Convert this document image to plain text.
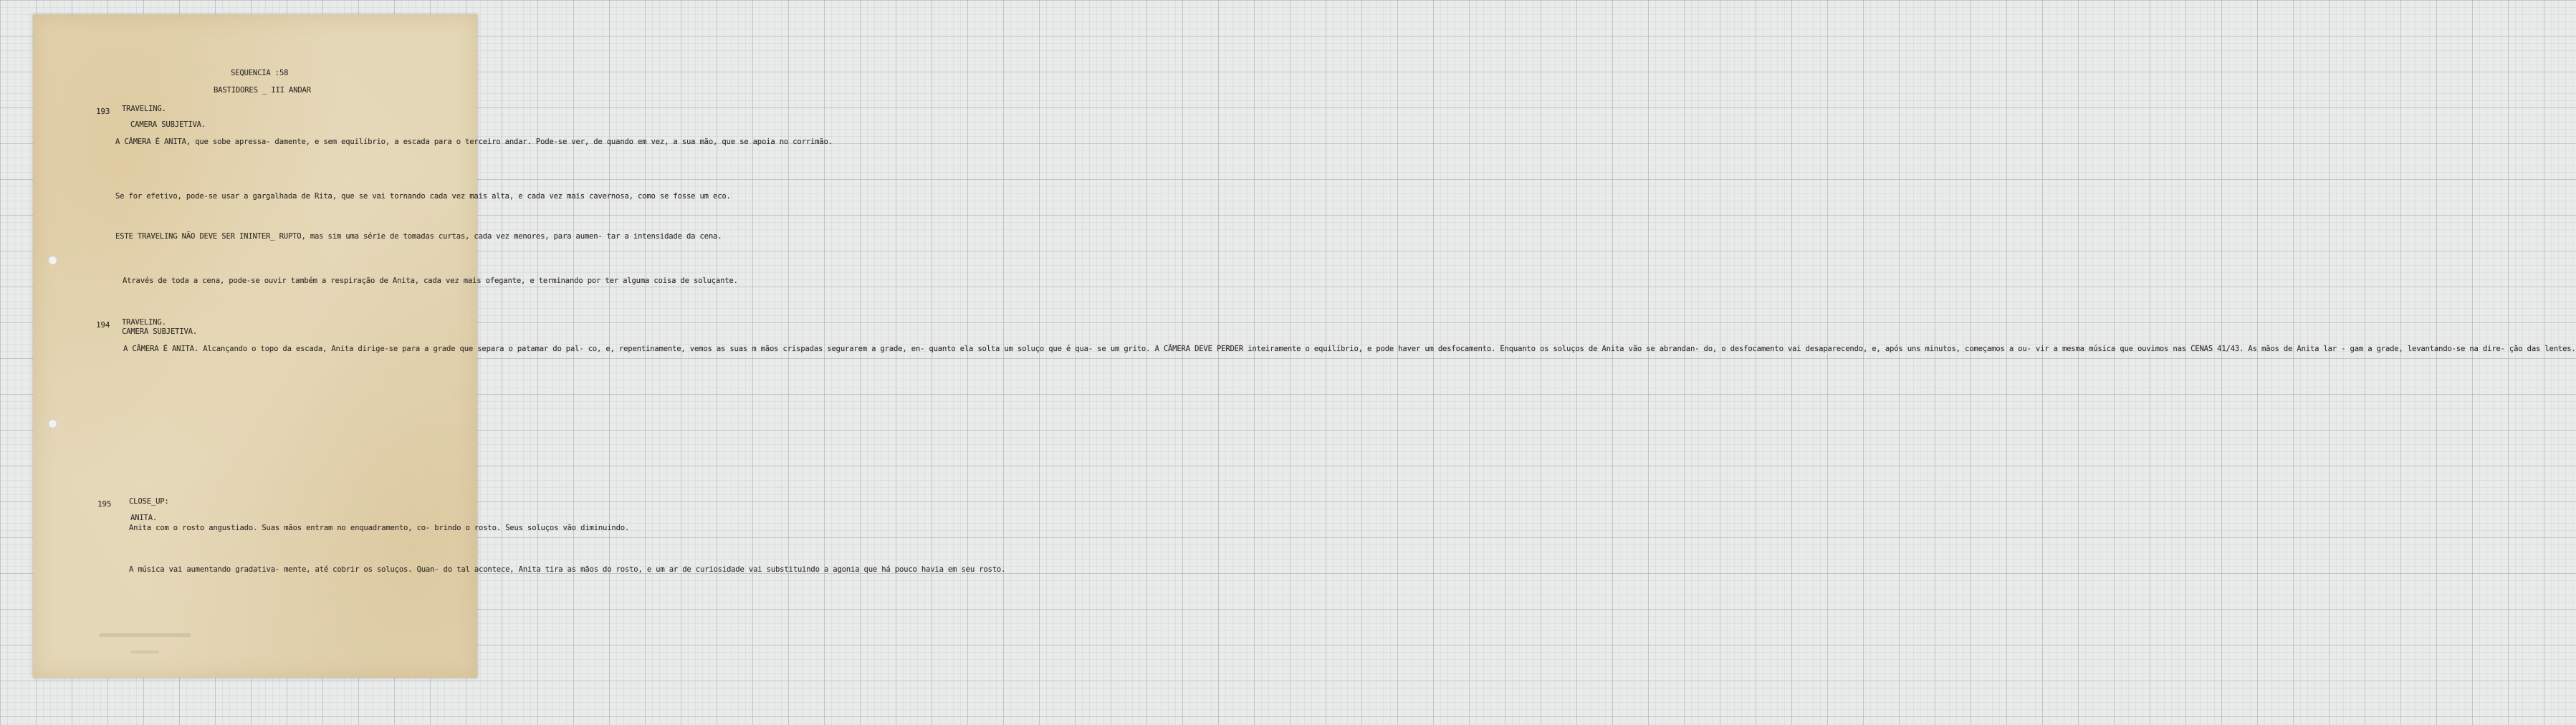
SEQUENCIA :58
BASTIDORES _ III ANDAR
193 TRAVELING.
CAMERA SUBJETIVA.
A CÂMERA É ANITA, que sobe apressa- damente, e sem equilíbrio, a escada para o terceiro andar. Pode-se ver, de quando em vez, a sua mão, que se apoia no corrimão.
Se for efetivo, pode-se usar a gargalhada de Rita, que se vai tornando cada vez mais alta, e cada vez mais cavernosa, como se fosse um eco.
ESTE TRAVELING NÃO DEVE SER ININTER_ RUPTO, mas sim uma série de tomadas curtas, cada vez menores, para aumen- tar a intensidade da cena.
Através de toda a cena, pode-se ouvir também a respiração de Anita, cada vez mais ofegante, e terminando por ter alguma coisa de soluçante.
194 TRAVELING.
CAMERA SUBJETIVA.
A CÂMERA É ANITA. Alcançando o topo da escada, Anita dirige-se para a grade que separa o patamar do pal- co, e, repentinamente, vemos as suas m mãos crispadas segurarem a grade, en- quanto ela solta um soluço que é qua- se um grito. A CÂMERA DEVE PERDER inteiramente o equilíbrio, e pode haver um desfocamento. Enquanto os soluços de Anita vão se abrandan- do, o desfocamento vai desaparecendo, e, após uns minutos, começamos a ou- vir a mesma música que ouvimos nas CENAS 41/43. As mãos de Anita lar - gam a grade, levantando-se na dire- ção das lentes.
195 CLOSE_UP:
ANITA.
Anita com o rosto angustiado. Suas mãos entram no enquadramento, co- brindo o rosto. Seus soluços vão diminuindo.
A música vai aumentando gradativa- mente, até cobrir os soluços. Quan- do tal acontece, Anita tira as mãos do rosto, e um ar de curiosidade vai substituindo a agonia que há pouco havia em seu rosto.
